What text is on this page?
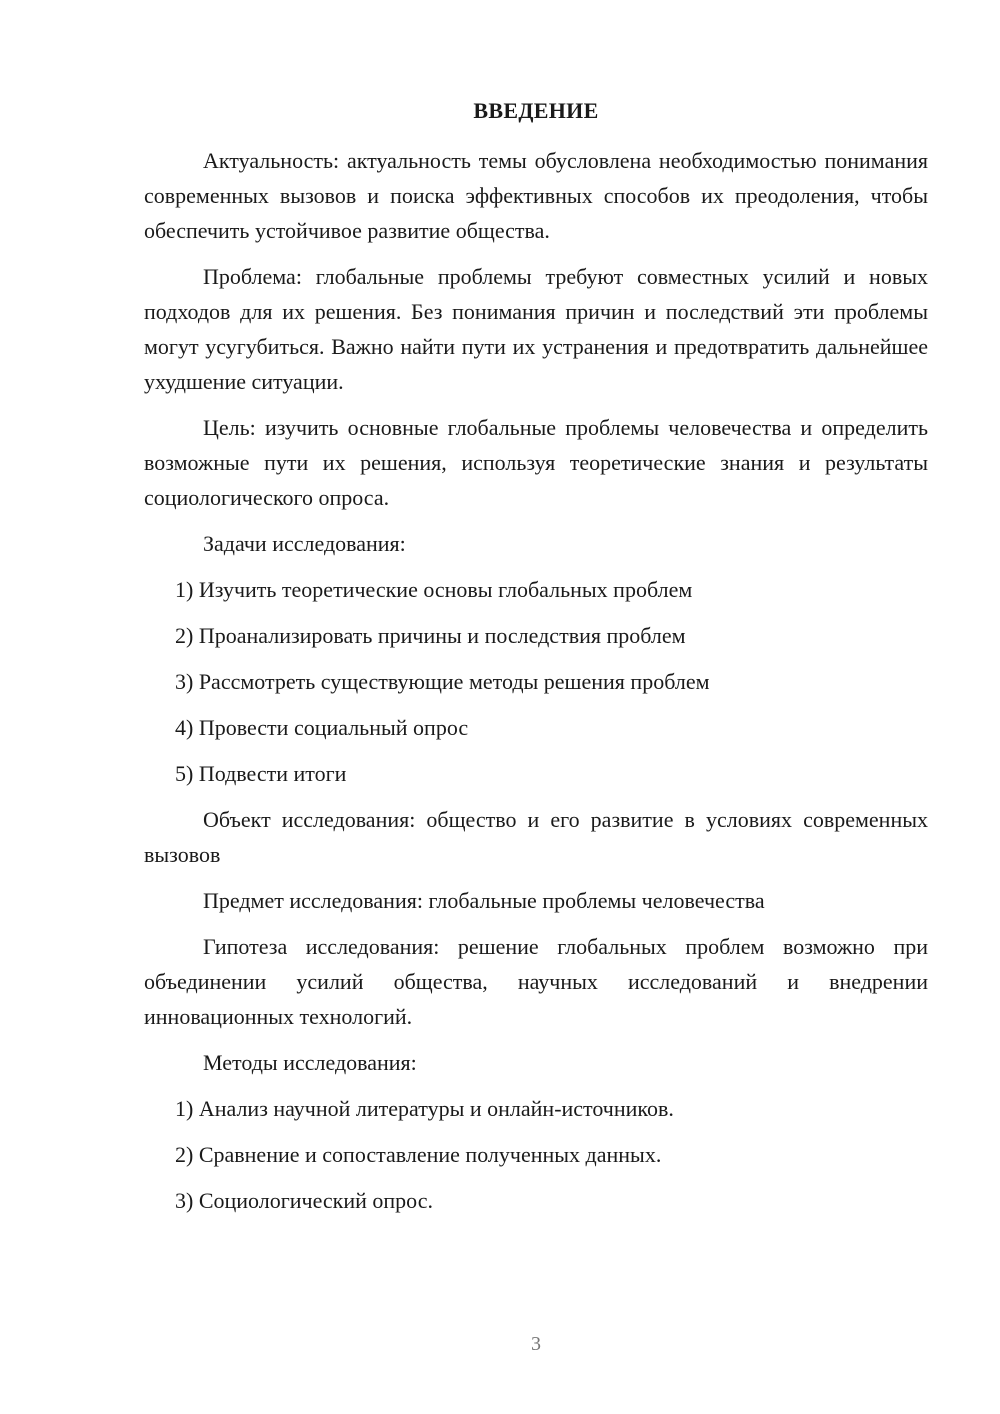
ВВЕДЕНИЕ

Актуальность: актуальность темы обусловлена необходимостью понимания современных вызовов и поиска эффективных способов их преодоления, чтобы обеспечить устойчивое развитие общества.

Проблема: глобальные проблемы требуют совместных усилий и новых подходов для их решения. Без понимания причин и последствий эти проблемы могут усугубиться. Важно найти пути их устранения и предотвратить дальнейшее ухудшение ситуации.

Цель: изучить основные глобальные проблемы человечества и определить возможные пути их решения, используя теоретические знания и результаты социологического опроса.

Задачи исследования:

1) Изучить теоретические основы глобальных проблем
2) Проанализировать причины и последствия проблем
3) Рассмотреть существующие методы решения проблем
4) Провести социальный опрос
5) Подвести итоги

Объект исследования: общество и его развитие в условиях современных вызовов

Предмет исследования: глобальные проблемы человечества

Гипотеза исследования: решение глобальных проблем возможно при объединении усилий общества, научных исследований и внедрении инновационных технологий.

Методы исследования:

1) Анализ научной литературы и онлайн-источников.
2) Сравнение и сопоставление полученных данных.
3) Социологический опрос.
3
